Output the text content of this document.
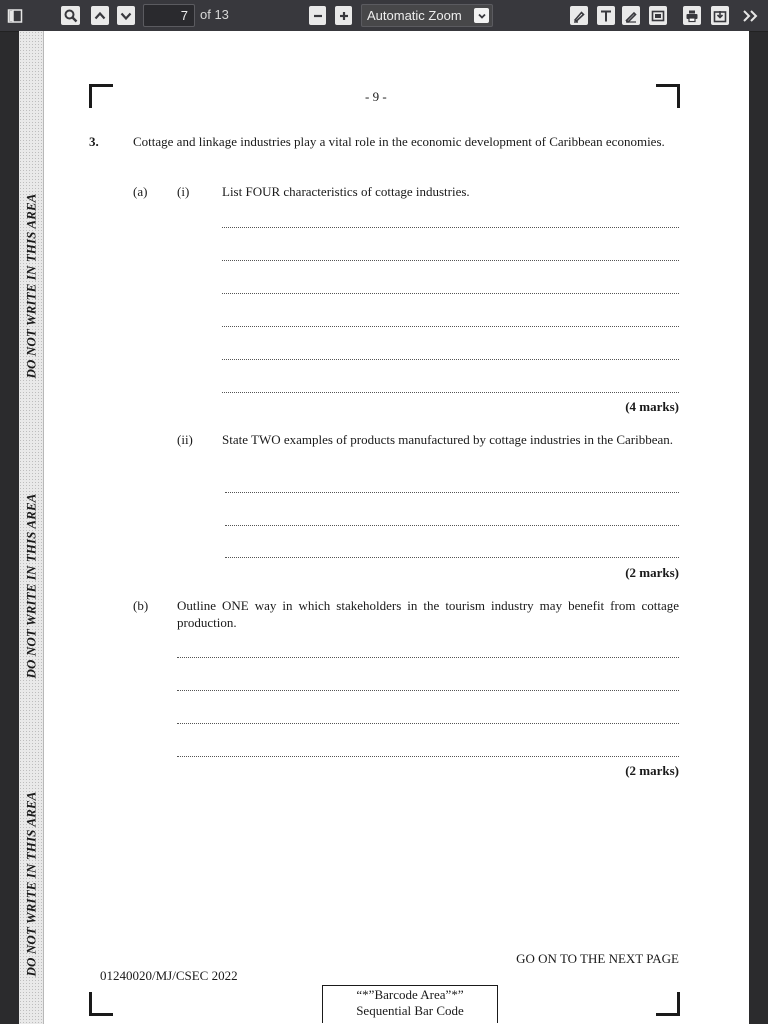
7 of 13	Automatic Zoom
DO NOT WRITE IN THIS AREA
DO NOT WRITE IN THIS AREA
DO NOT WRITE IN THIS AREA
- 9 -
3.	Cottage and linkage industries play a vital role in the economic development of Caribbean economies.
(a) (i)	List FOUR characteristics of cottage industries.
(4 marks)
(ii) State TWO examples of products manufactured by cottage industries in the Caribbean.
(2 marks)
(b) Outline ONE way in which stakeholders in the tourism industry may benefit from cottage production.
(2 marks)
GO ON TO THE NEXT PAGE
01240020/MJ/CSEC 2022
“*”Barcode Area”*”
Sequential Bar Code
